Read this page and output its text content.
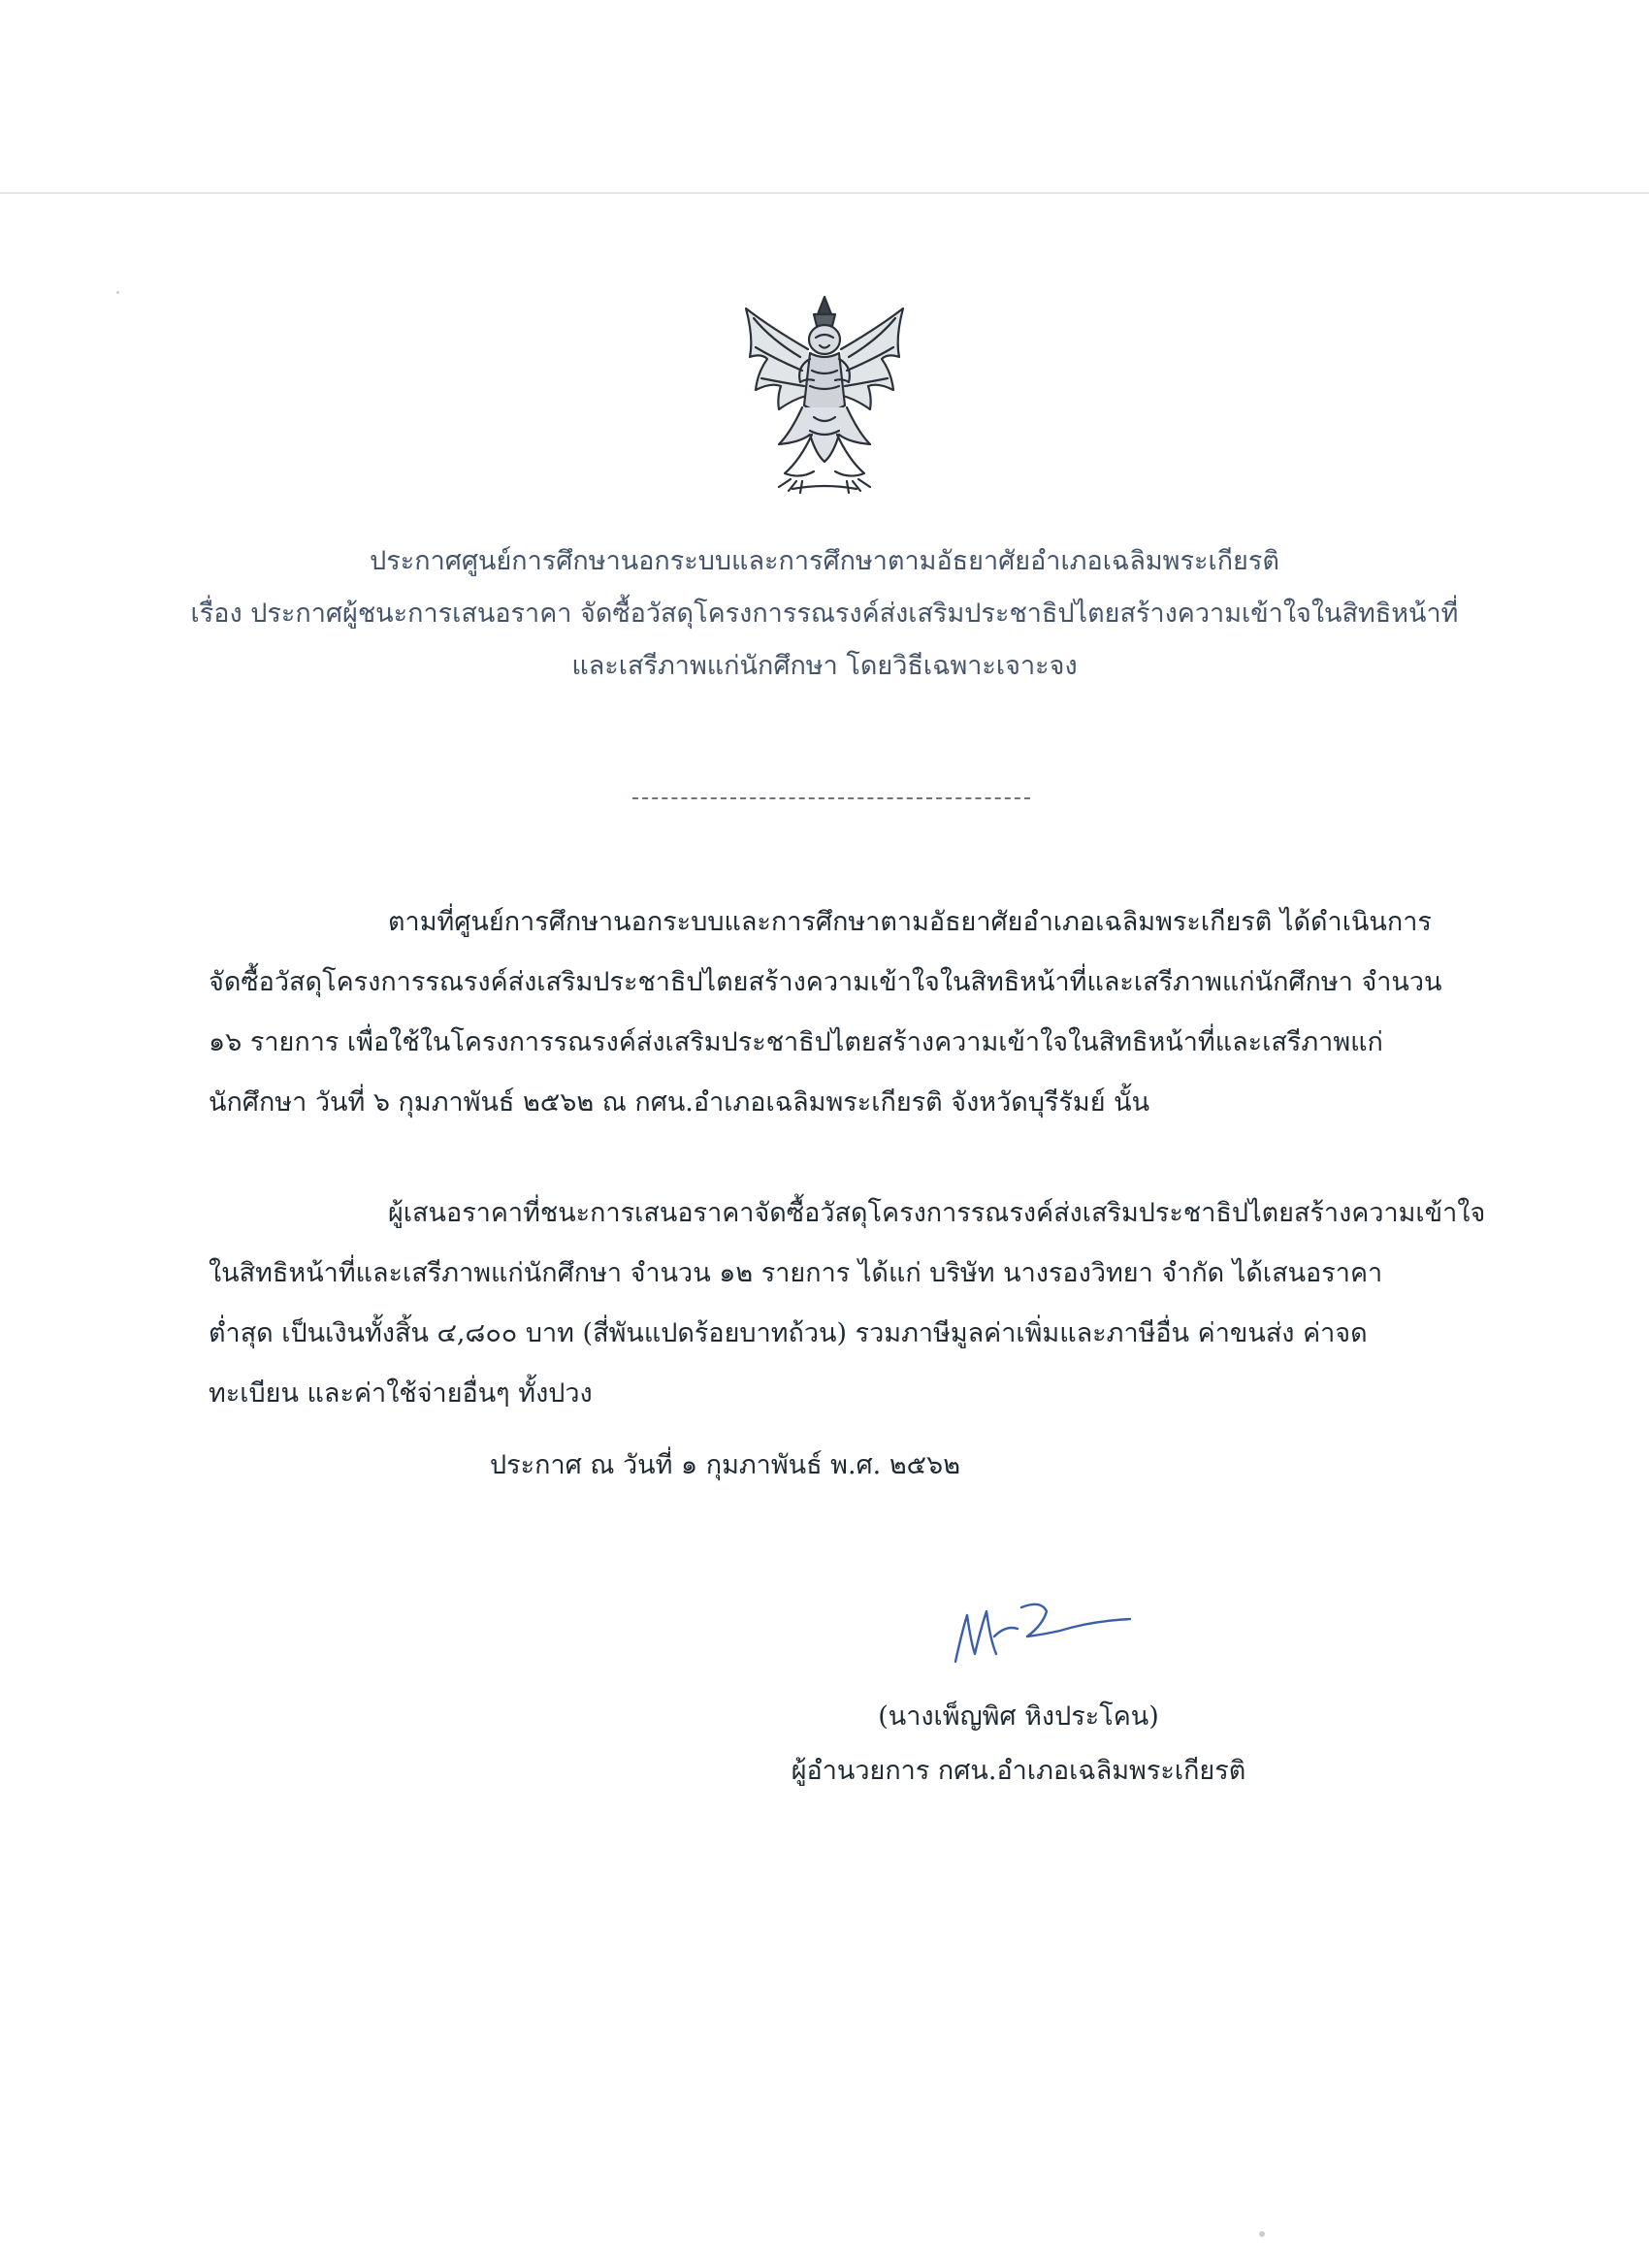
ประกาศศูนย์การศึกษานอกระบบและการศึกษาตามอัธยาศัยอำเภอเฉลิมพระเกียรติ
เรื่อง ประกาศผู้ชนะการเสนอราคา จัดซื้อวัสดุโครงการรณรงค์ส่งเสริมประชาธิปไตยสร้างความเข้าใจในสิทธิหน้าที่
และเสรีภาพแก่นักศึกษา โดยวิธีเฉพาะเจาะจง
ตามที่ศูนย์การศึกษานอกระบบและการศึกษาตามอัธยาศัยอำเภอเฉลิมพระเกียรติ ได้ดำเนินการ
จัดซื้อวัสดุโครงการรณรงค์ส่งเสริมประชาธิปไตยสร้างความเข้าใจในสิทธิหน้าที่และเสรีภาพแก่นักศึกษา จำนวน
๑๖ รายการ เพื่อใช้ในโครงการรณรงค์ส่งเสริมประชาธิปไตยสร้างความเข้าใจในสิทธิหน้าที่และเสรีภาพแก่
นักศึกษา วันที่ ๖ กุมภาพันธ์ ๒๕๖๒ ณ กศน.อำเภอเฉลิมพระเกียรติ จังหวัดบุรีรัมย์ นั้น
ผู้เสนอราคาที่ชนะการเสนอราคาจัดซื้อวัสดุโครงการรณรงค์ส่งเสริมประชาธิปไตยสร้างความเข้าใจ
ในสิทธิหน้าที่และเสรีภาพแก่นักศึกษา จำนวน ๑๒ รายการ ได้แก่ บริษัท นางรองวิทยา จำกัด ได้เสนอราคา
ต่ำสุด เป็นเงินทั้งสิ้น ๔,๘๐๐ บาท (สี่พันแปดร้อยบาทถ้วน) รวมภาษีมูลค่าเพิ่มและภาษีอื่น ค่าขนส่ง ค่าจด
ทะเบียน และค่าใช้จ่ายอื่นๆ ทั้งปวง
ประกาศ ณ วันที่ ๑ กุมภาพันธ์ พ.ศ. ๒๕๖๒
(นางเพ็ญพิศ หิงประโคน)
ผู้อำนวยการ กศน.อำเภอเฉลิมพระเกียรติ
